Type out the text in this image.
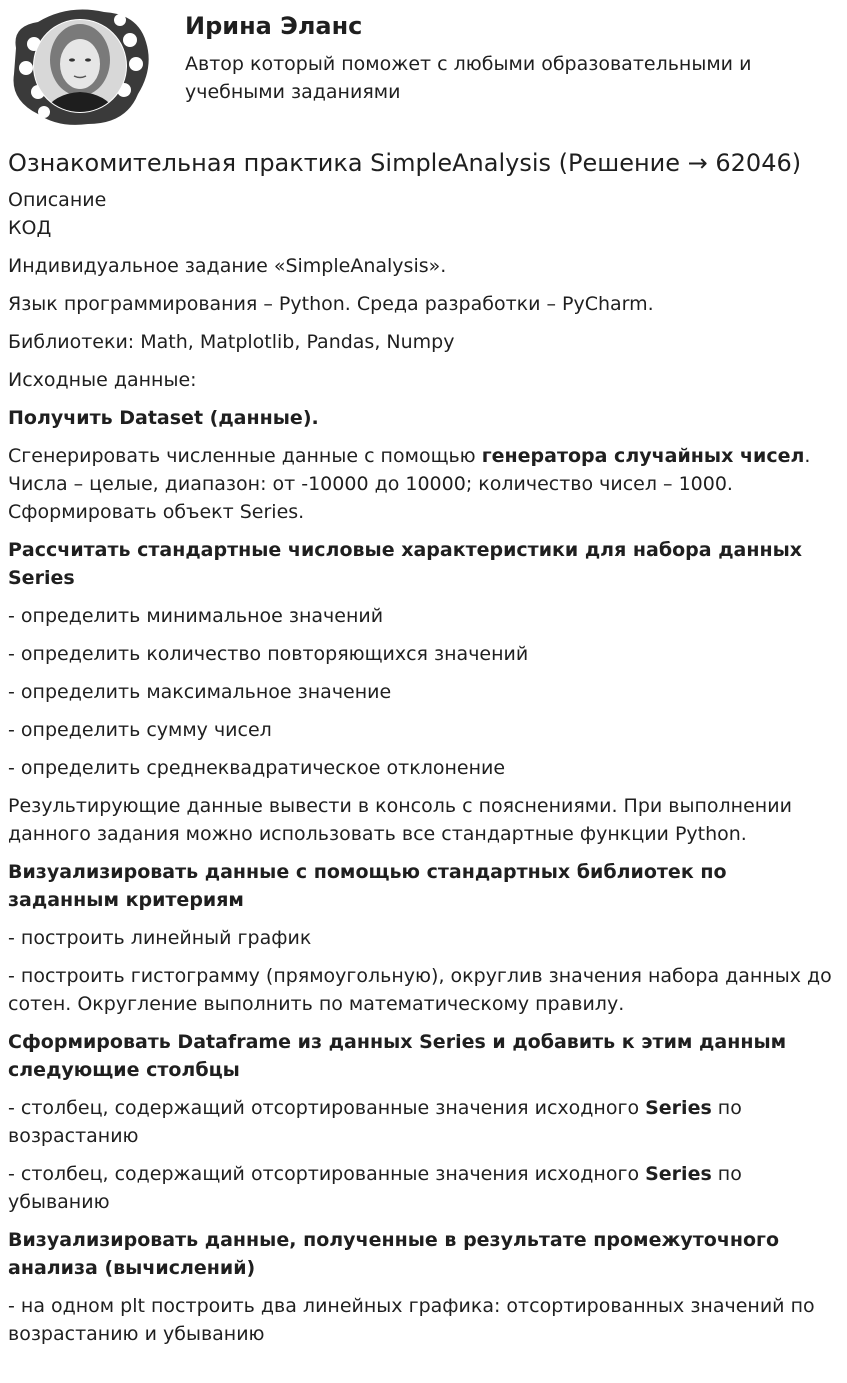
Ирина Эланс
Автор который поможет с любыми образовательными и учебными заданиями
Ознакомительная практика SimpleAnalysis (Решение → 62046)

Описание

КОД

Индивидуальное задание «SimpleAnalysis».

Язык программирования – Python. Среда разработки – PyCharm.

Библиотеки: Math, Matplotlib, Pandas, Numpy

Исходные данные:

Получить Dataset (данные).

Сгенерировать численные данные с помощью генератора случайных чисел. Числа – целые, диапазон: от -10000 до 10000; количество чисел – 1000. Сформировать объект Series.

Рассчитать стандартные числовые характеристики для набора данных Series

- определить минимальное значений

- определить количество повторяющихся значений

- определить максимальное значение

- определить сумму чисел

- определить среднеквадратическое отклонение

Результирующие данные вывести в консоль с пояснениями. При выполнении данного задания можно использовать все стандартные функции Python.

Визуализировать данные с помощью стандартных библиотек по заданным критериям

- построить линейный график

- построить гистограмму (прямоугольную), округлив значения набора данных до сотен. Округление выполнить по математическому правилу.

Сформировать Dataframe из данных Series и добавить к этим данным следующие столбцы

- столбец, содержащий отсортированные значения исходного Series по возрастанию

- столбец, содержащий отсортированные значения исходного Series по убыванию

Визуализировать данные, полученные в результате промежуточного анализа (вычислений)

- на одном plt построить два линейных графика: отсортированных значений по возрастанию и убыванию
